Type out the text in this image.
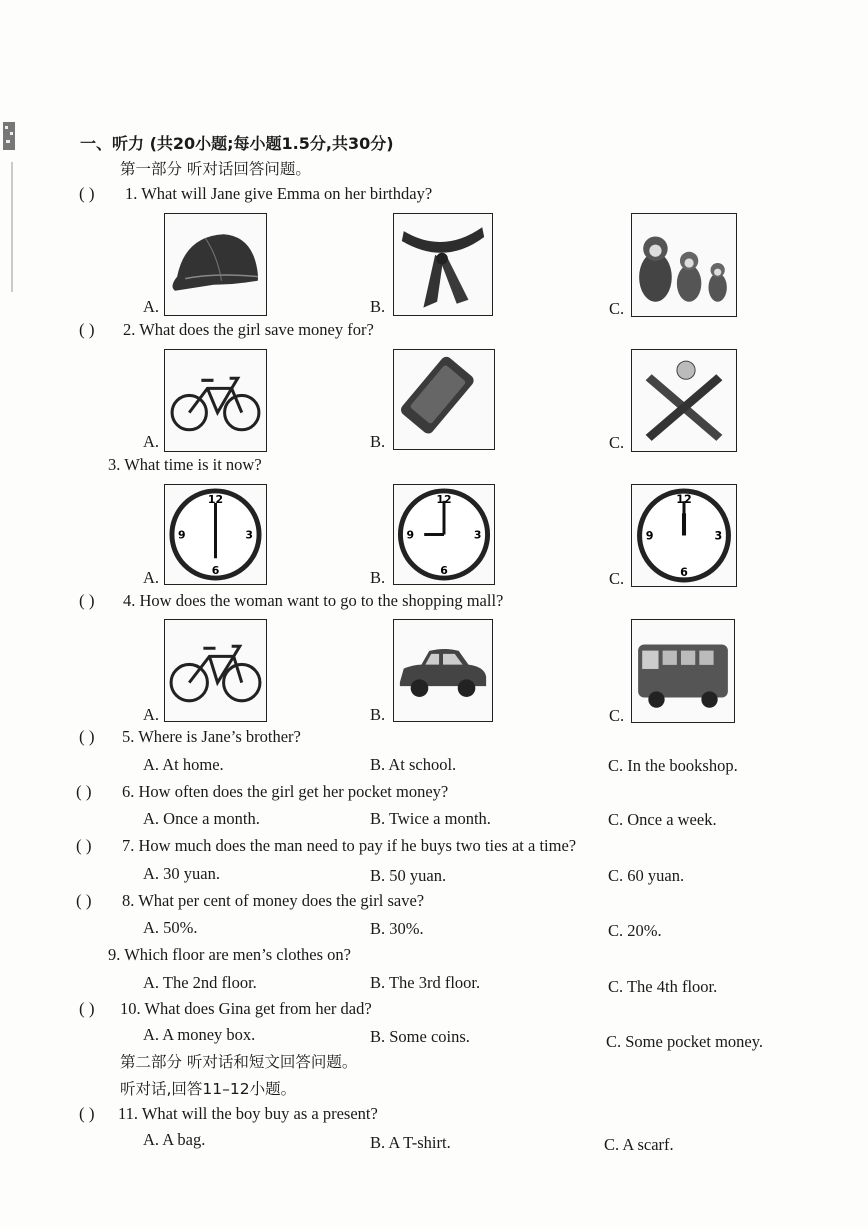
一、听力 (共20小题;每小题1.5分,共30分)
第一部分 听对话回答问题。
( ) 1. What will Jane give Emma on her birthday?
A.	B.	C.
( ) 2. What does the girl save money for?
A.	B.	C.
3. What time is it now?
A.
12
3
6
9
B.
12
3
6
9
C.
12
3
6
9
( ) 4. How does the woman want to go to the shopping mall?
A.	B.	C.
( ) 5. Where is Jane’s brother?
A. At home.	B. At school.	C. In the bookshop.
( ) 6. How often does the girl get her pocket money?
A. Once a month.	B. Twice a month.	C. Once a week.
( ) 7. How much does the man need to pay if he buys two ties at a time?
A. 30 yuan.	B. 50 yuan.	C. 60 yuan.
( ) 8. What per cent of money does the girl save?
A. 50%.	B. 30%.	C. 20%.
9. Which floor are men’s clothes on?
A. The 2nd floor.	B. The 3rd floor.	C. The 4th floor.
( ) 10. What does Gina get from her dad?
A. A money box.	B. Some coins.	C. Some pocket money.
第二部分 听对话和短文回答问题。
听对话,回答11–12小题。
( ) 11. What will the boy buy as a present?
A. A bag.	B. A T-shirt.	C. A scarf.
